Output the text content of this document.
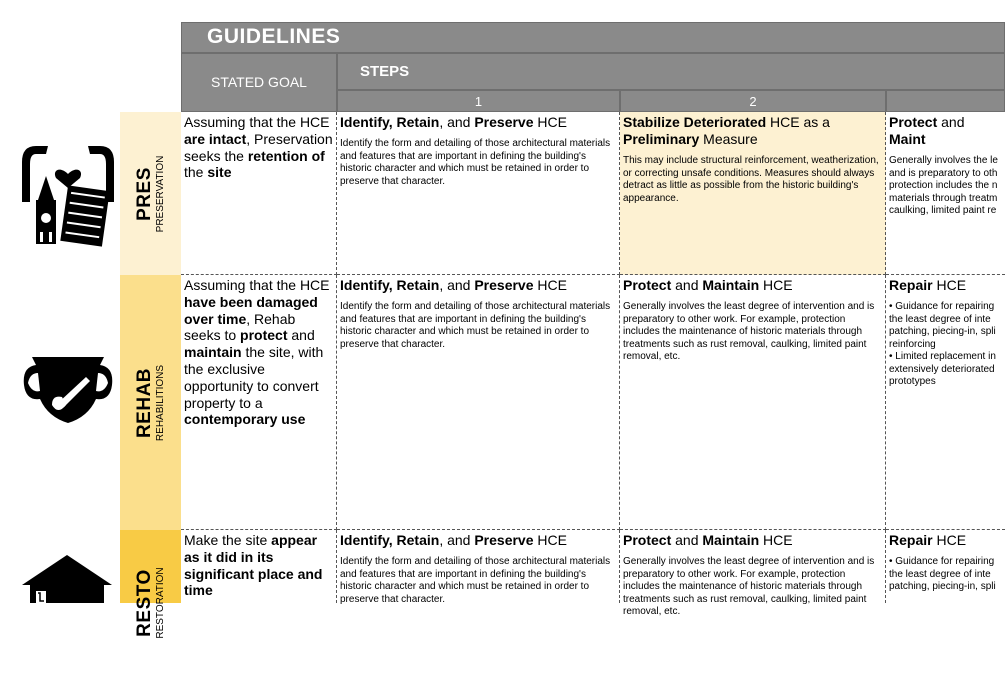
GUIDELINES
STATED GOAL
STEPS
1	2
PRES PRESERVATION
REHAB REHABILITIONS
RESTO RESTORATION
Assuming that the HCE are intact, Preservation seeks the retention of the site
Identify, Retain, and Preserve HCE
Identify the form and detailing of those architectural materials and features that are important in defining the building's historic character and which must be retained in order to preserve that character.
Stabilize Deteriorated HCE as a Preliminary Measure
This may include structural reinforcement, weatherization, or correcting unsafe conditions. Measures should always detract as little as possible from the historic building's appearance.
Protect and Maint
Generally involves the le
and is preparatory to oth
protection includes the n
materials through treatm
caulking, limited paint re
Assuming that the HCE have been damaged over time, Rehab seeks to protect and maintain the site, with the exclusive opportunity to convert property to a contemporary use
Identify, Retain, and Preserve HCE
Identify the form and detailing of those architectural materials and features that are important in defining the building's historic character and which must be retained in order to preserve that character.
Protect and Maintain HCE
Generally involves the least degree of intervention and is preparatory to other work. For example, protection includes the maintenance of historic materials through treatments such as rust removal, caulking, limited paint removal, etc.
Repair HCE
• Guidance for repairing
the least degree of inte
patching, piecing-in, spli
reinforcing
• Limited replacement in
extensively deteriorated
prototypes
Make the site appear as it did in its significant place and time
Identify, Retain, and Preserve HCE
Identify the form and detailing of those architectural materials and features that are important in defining the building's historic character and which must be retained in order to preserve that character.
Protect and Maintain HCE
Generally involves the least degree of intervention and is preparatory to other work. For example, protection includes the maintenance of historic materials through treatments such as rust removal, caulking, limited paint removal, etc.
Repair HCE
• Guidance for repairing
the least degree of inte
patching, piecing-in, spli
